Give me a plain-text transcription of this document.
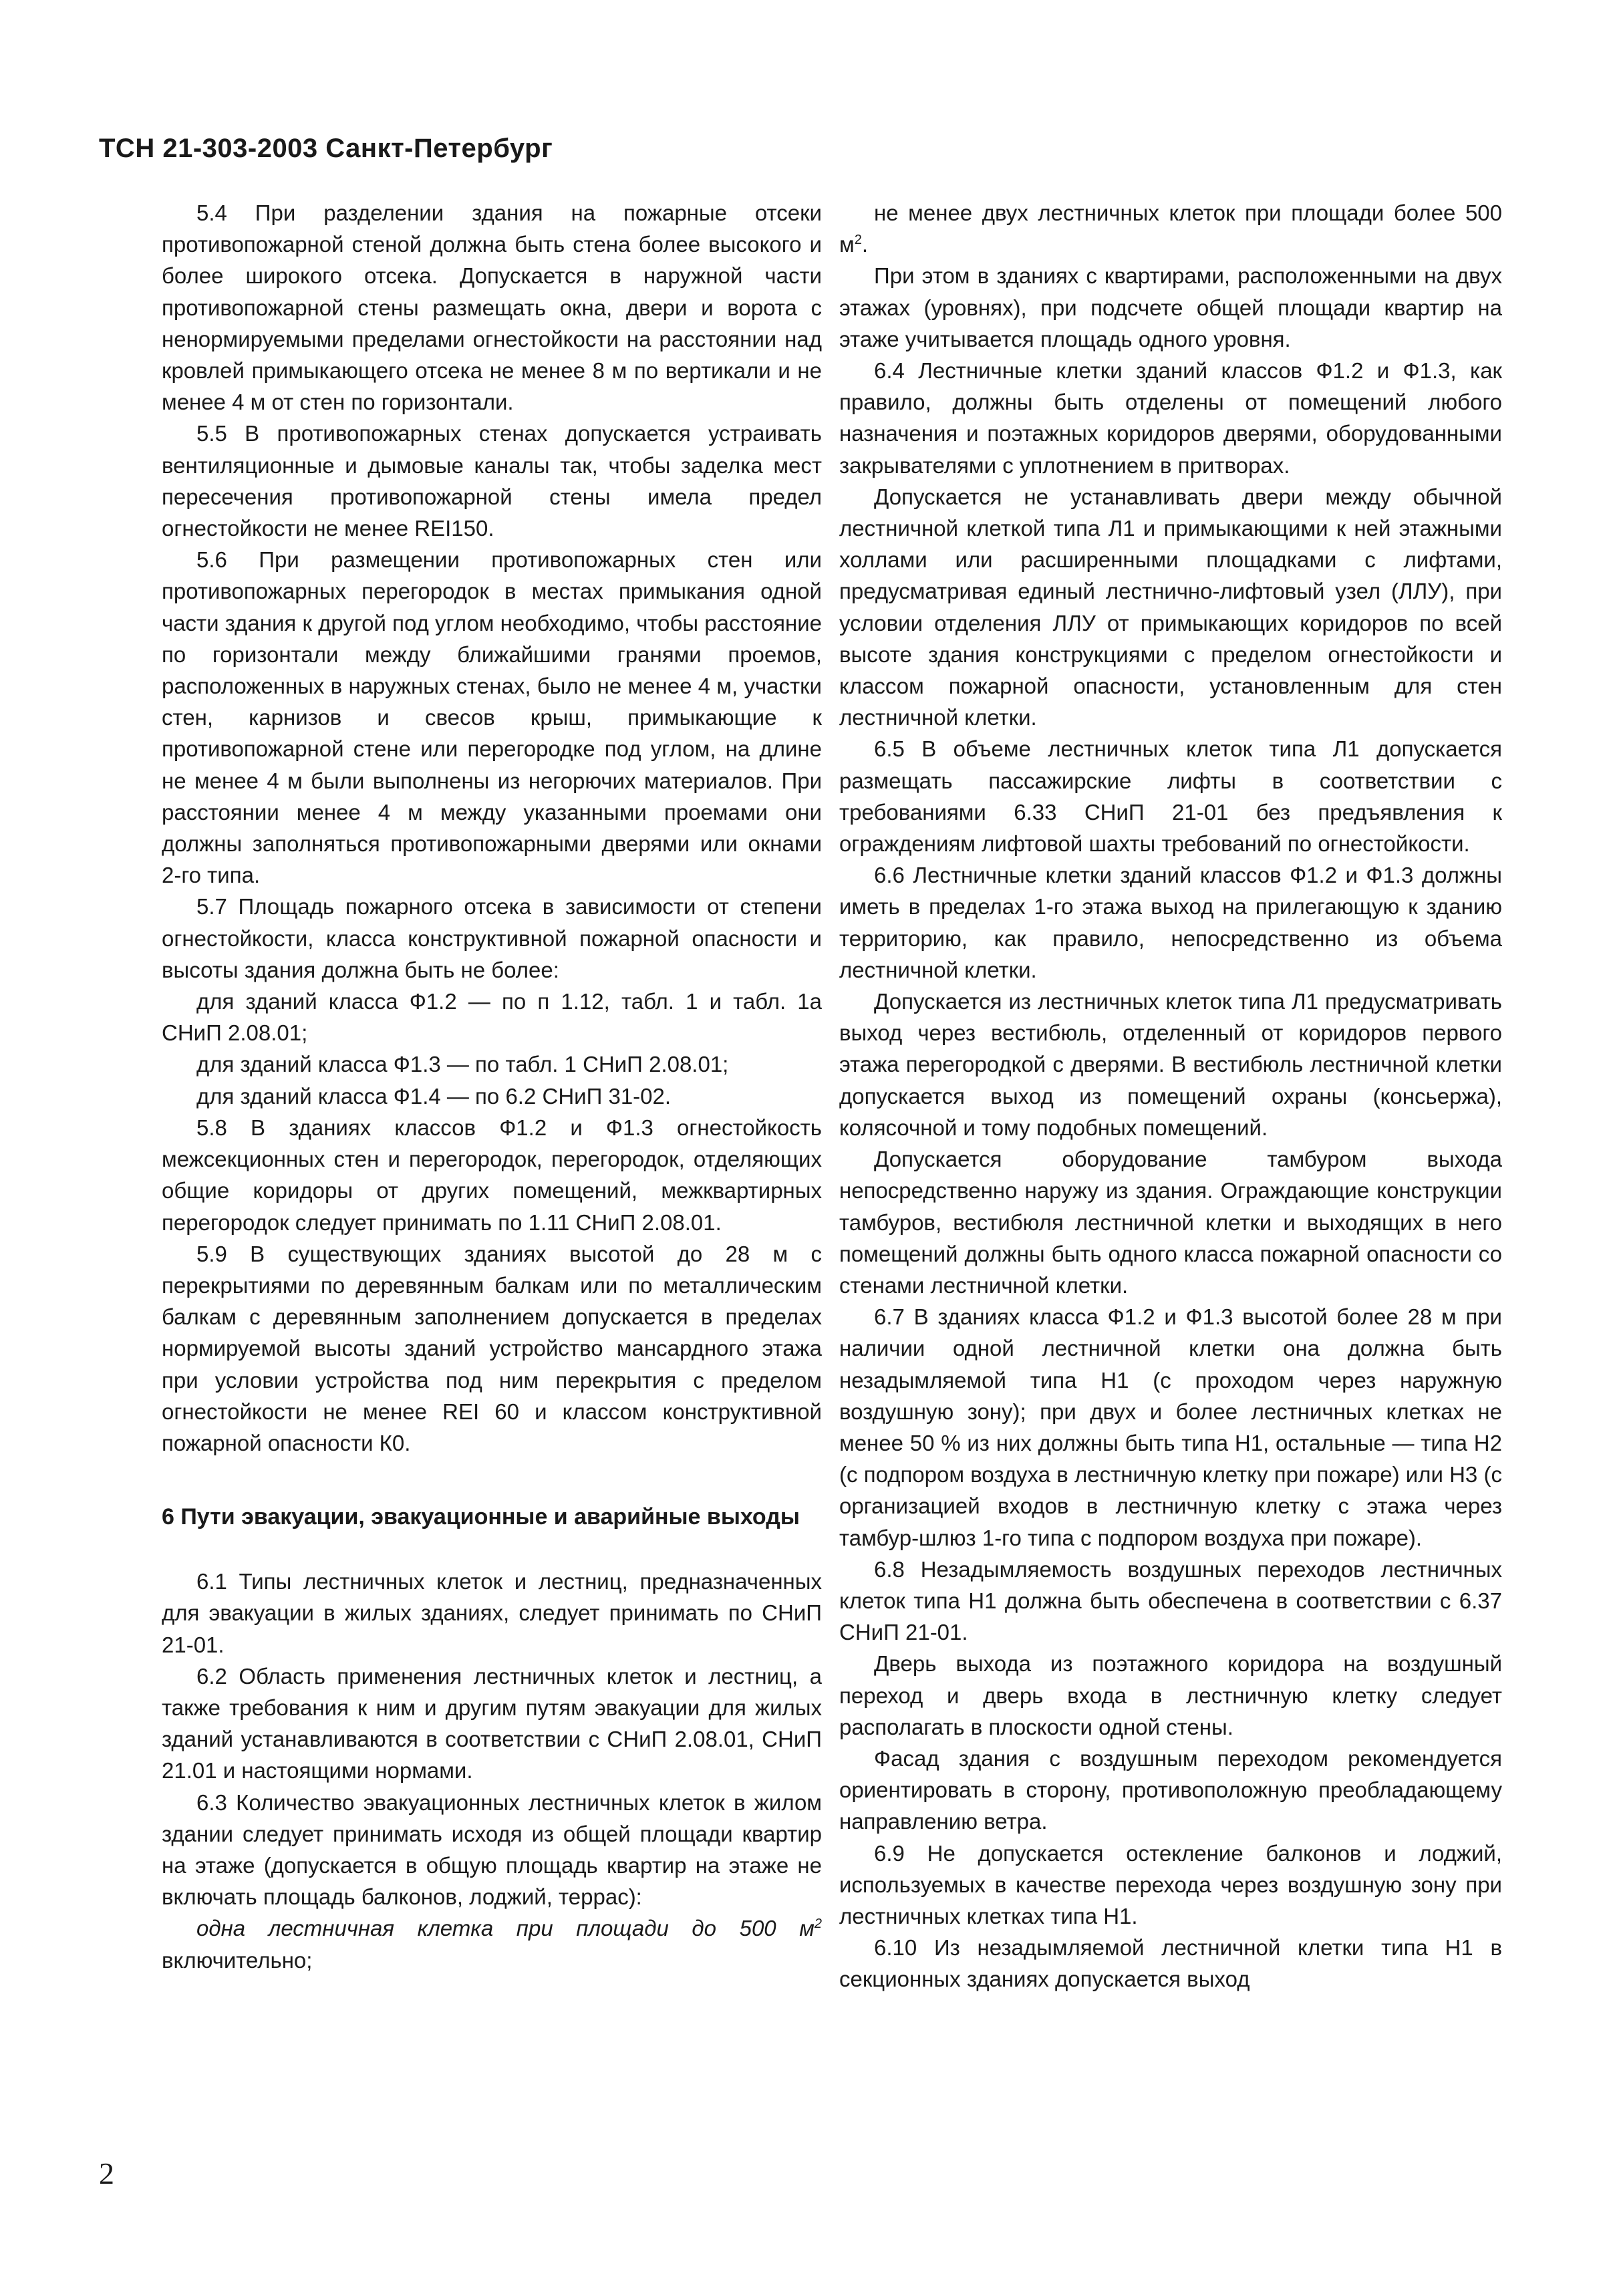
ТСН 21-303-2003 Санкт-Петербург

5.4 При разделении здания на пожарные отсеки противопожарной стеной должна быть стена более высокого и более широкого отсека. Допускается в наружной части противопожарной стены размещать окна, двери и ворота с ненормируемыми пределами огнестойкости на расстоянии над кровлей примыкающего отсека не менее 8 м по вертикали и не менее 4 м от стен по горизонтали.

5.5 В противопожарных стенах допускается устраивать вентиляционные и дымовые каналы так, чтобы заделка мест пересечения противопожарной стены имела предел огнестойкости не менее REI150.

5.6 При размещении противопожарных стен или противопожарных перегородок в местах примыкания одной части здания к другой под углом необходимо, чтобы расстояние по горизонтали между ближайшими гранями проемов, расположенных в наружных стенах, было не менее 4 м, участки стен, карнизов и свесов крыш, примыкающие к противопожарной стене или перегородке под углом, на длине не менее 4 м были выполнены из негорючих материалов. При расстоянии менее 4 м между указанными проемами они должны заполняться противопожарными дверями или окнами 2-го типа.

5.7 Площадь пожарного отсека в зависимости от степени огнестойкости, класса конструктивной пожарной опасности и высоты здания должна быть не более:

для зданий класса Ф1.2 — по п 1.12, табл. 1 и табл. 1а СНиП 2.08.01;

для зданий класса Ф1.3 — по табл. 1 СНиП 2.08.01;

для зданий класса Ф1.4 — по 6.2 СНиП 31-02.

5.8 В зданиях классов Ф1.2 и Ф1.3 огнестойкость межсекционных стен и перегородок, перегородок, отделяющих общие коридоры от других помещений, межквартирных перегородок следует принимать по 1.11 СНиП 2.08.01.

5.9 В существующих зданиях высотой до 28 м с перекрытиями по деревянным балкам или по металлическим балкам с деревянным заполнением допускается в пределах нормируемой высоты зданий устройство мансардного этажа при условии устройства под ним перекрытия с пределом огнестойкости не менее REI 60 и классом конструктивной пожарной опасности К0.

6 Пути эвакуации, эвакуационные и аварийные выходы

6.1 Типы лестничных клеток и лестниц, предназначенных для эвакуации в жилых зданиях, следует принимать по СНиП 21-01.

6.2 Область применения лестничных клеток и лестниц, а также требования к ним и другим путям эвакуации для жилых зданий устанавливаются в соответствии с СНиП 2.08.01, СНиП 21.01 и настоящими нормами.

6.3 Количество эвакуационных лестничных клеток в жилом здании следует принимать исходя из общей площади квартир на этаже (допускается в общую площадь квартир на этаже не включать площадь балконов, лоджий, террас):

одна лестничная клетка при площади до 500 $м^2$ включительно;

не менее двух лестничных клеток при площади более 500 $м^2$.

При этом в зданиях с квартирами, расположенными на двух этажах (уровнях), при подсчете общей площади квартир на этаже учитывается площадь одного уровня.

6.4 Лестничные клетки зданий классов Ф1.2 и Ф1.3, как правило, должны быть отделены от помещений любого назначения и поэтажных коридоров дверями, оборудованными закрывателями с уплотнением в притворах.

Допускается не устанавливать двери между обычной лестничной клеткой типа Л1 и примыкающими к ней этажными холлами или расширенными площадками с лифтами, предусматривая единый лестнично-лифтовый узел (ЛЛУ), при условии отделения ЛЛУ от примыкающих коридоров по всей высоте здания конструкциями с пределом огнестойкости и классом пожарной опасности, установленным для стен лестничной клетки.

6.5 В объеме лестничных клеток типа Л1 допускается размещать пассажирские лифты в соответствии с требованиями 6.33 СНиП 21-01 без предъявления к ограждениям лифтовой шахты требований по огнестойкости.

6.6 Лестничные клетки зданий классов Ф1.2 и Ф1.3 должны иметь в пределах 1-го этажа выход на прилегающую к зданию территорию, как правило, непосредственно из объема лестничной клетки.

Допускается из лестничных клеток типа Л1 предусматривать выход через вестибюль, отделенный от коридоров первого этажа перегородкой с дверями. В вестибюль лестничной клетки допускается выход из помещений охраны (консьержа), колясочной и тому подобных помещений.

Допускается оборудование тамбуром выхода непосредственно наружу из здания. Ограждающие конструкции тамбуров, вестибюля лестничной клетки и выходящих в него помещений должны быть одного класса пожарной опасности со стенами лестничной клетки.

6.7 В зданиях класса Ф1.2 и Ф1.3 высотой более 28 м при наличии одной лестничной клетки она должна быть незадымляемой типа Н1 (с проходом через наружную воздушную зону); при двух и более лестничных клетках не менее 50 % из них должны быть типа Н1, остальные — типа Н2 (с подпором воздуха в лестничную клетку при пожаре) или Н3 (с организацией входов в лестничную клетку с этажа через тамбур-шлюз 1-го типа с подпором воздуха при пожаре).

6.8 Незадымляемость воздушных переходов лестничных клеток типа Н1 должна быть обеспечена в соответствии с 6.37 СНиП 21-01.

Дверь выхода из поэтажного коридора на воздушный переход и дверь входа в лестничную клетку следует располагать в плоскости одной стены.

Фасад здания с воздушным переходом рекомендуется ориентировать в сторону, противоположную преобладающему направлению ветра.

6.9 Не допускается остекление балконов и лоджий, используемых в качестве перехода через воздушную зону при лестничных клетках типа Н1.

6.10 Из незадымляемой лестничной клетки типа Н1 в секционных зданиях допускается выход

2
